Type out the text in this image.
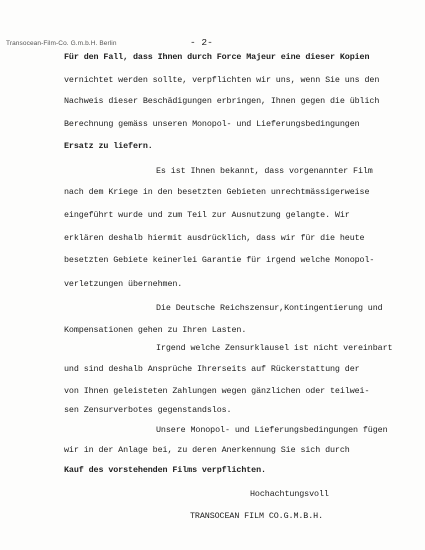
Transocean-Film-Co. G.m.b.H. Berlin	- 2-
Für den Fall, dass Ihnen durch Force Majeur eine dieser Kopien
vernichtet werden sollte, verpflichten wir uns, wenn Sie uns den
Nachweis dieser Beschädigungen erbringen, Ihnen gegen die üblich
Berechnung gemäss unseren Monopol- und Lieferungsbedingungen
Ersatz zu liefern.
Es ist Ihnen bekannt, dass vorgenannter Film
nach dem Kriege in den besetzten Gebieten unrechtmässigerweise
eingeführt wurde und zum Teil zur Ausnutzung gelangte. Wir
erklären deshalb hiermit ausdrücklich, dass wir für die heute
besetzten Gebiete keinerlei Garantie für irgend welche Monopol-
verletzungen übernehmen.
Die Deutsche Reichszensur,Kontingentierung und
Kompensationen gehen zu Ihren Lasten.
Irgend welche Zensurklausel ist nicht vereinbart
und sind deshalb Ansprüche Ihrerseits auf Rückerstattung der
von Ihnen geleisteten Zahlungen wegen gänzlichen oder teilwei-
sen Zensurverbotes gegenstandslos.
Unsere Monopol- und Lieferungsbedingungen fügen
wir in der Anlage bei, zu deren Anerkennung Sie sich durch
Kauf des vorstehenden Films verpflichten.
Hochachtungsvoll
TRANSOCEAN FILM CO.G.M.B.H.
